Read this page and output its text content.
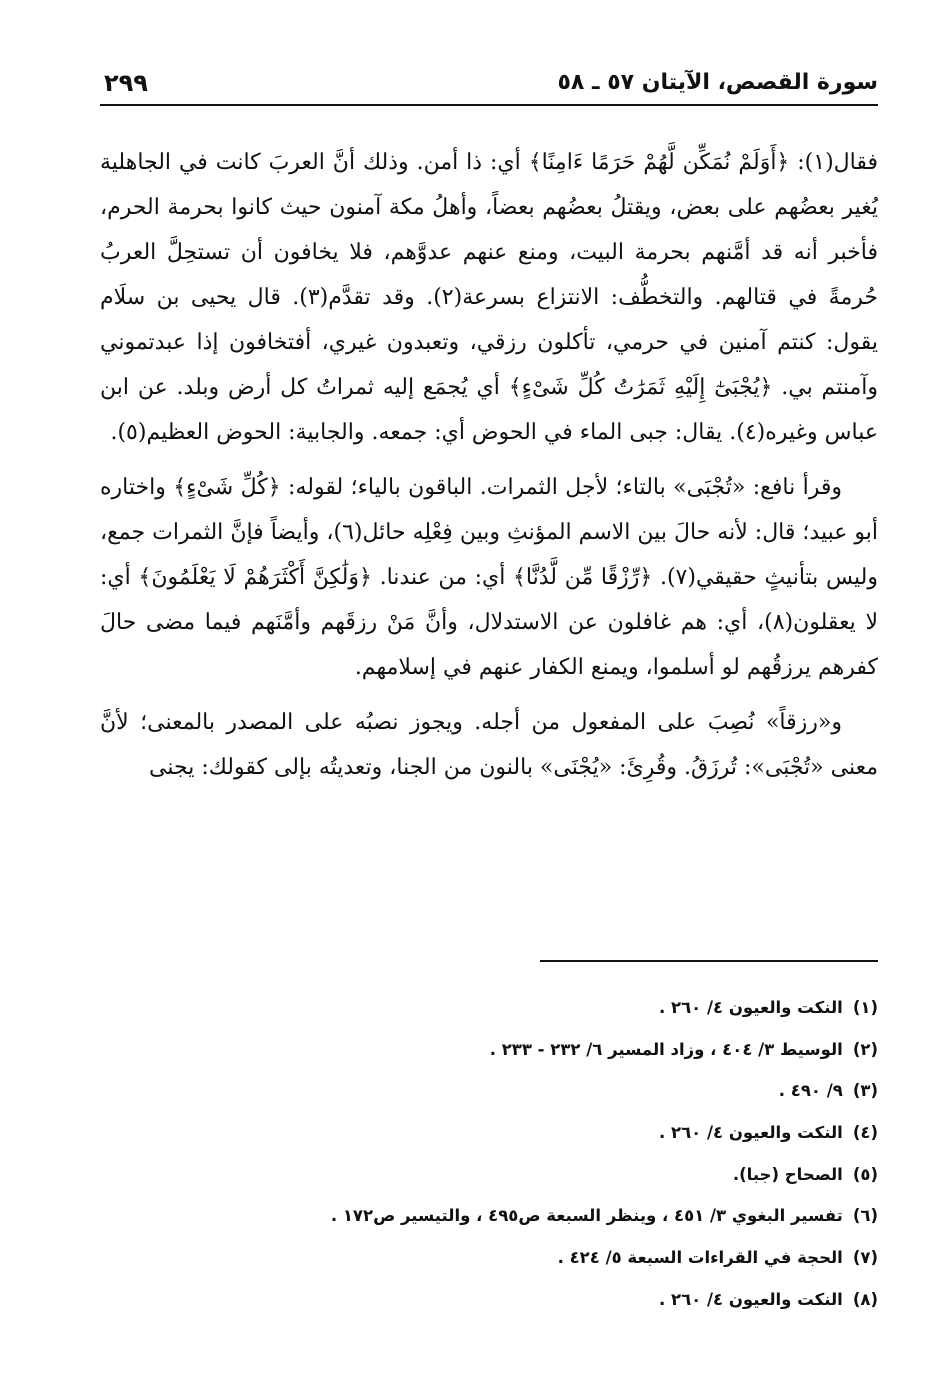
سورة القصص، الآيتان ٥٧ ـ ٥٨
٢٩٩

فقال(١): ﴿أَوَلَمْ نُمَكِّن لَّهُمْ حَرَمًا ءَامِنًا﴾ أي: ذا أمن. وذلك أنَّ العربَ كانت في الجاهلية يُغير بعضُهم على بعض، ويقتلُ بعضُهم بعضاً، وأهلُ مكة آمنون حيث كانوا بحرمة الحرم، فأخبر أنه قد أمَّنهم بحرمة البيت، ومنع عنهم عدوَّهم، فلا يخافون أن تستحِلَّ العربُ حُرمةً في قتالهم. والتخطُّف: الانتزاع بسرعة(٢). وقد تقدَّم(٣). قال يحيى بن سلَام يقول: كنتم آمنين في حرمي، تأكلون رزقي، وتعبدون غيري، أفتخافون إذا عبدتموني وآمنتم بي. ﴿يُجْبَىٰٓ إِلَيْهِ ثَمَرَٰتُ كُلِّ شَىْءٍ﴾ أي يُجمَع إليه ثمراتُ كل أرض وبلد. عن ابن عباس وغيره(٤). يقال: جبى الماء في الحوض أي: جمعه. والجابية: الحوض العظيم(٥).

وقرأ نافع: «تُجْبَى» بالتاء؛ لأجل الثمرات. الباقون بالياء؛ لقوله: ﴿كُلِّ شَىْءٍ﴾ واختاره أبو عبيد؛ قال: لأنه حالَ بين الاسم المؤنثِ وبين فِعْلِه حائل(٦)، وأيضاً فإنَّ الثمرات جمع، وليس بتأنيثٍ حقيقي(٧). ﴿رِّزْقًا مِّن لَّدُنَّا﴾ أي: من عندنا. ﴿وَلَٰكِنَّ أَكْثَرَهُمْ لَا يَعْلَمُونَ﴾ أي: لا يعقلون(٨)، أي: هم غافلون عن الاستدلال، وأنَّ مَنْ رزقَهم وأمَّنَهم فيما مضى حالَ كفرهم يرزقُهم لو أسلموا، ويمنع الكفار عنهم في إسلامهم.

و«رزقاً» نُصِبَ على المفعول من أجله. ويجوز نصبُه على المصدر بالمعنى؛ لأنَّ معنى «تُجْبَى»: تُرزَقُ. وقُرِئَ: «يُجْنَى» بالنون من الجنا، وتعديتُه بإلى كقولك: يجنى

(١)النكت والعيون ٤/ ٢٦٠ .
(٢)الوسيط ٣/ ٤٠٤ ، وزاد المسير ٦/ ٢٣٢ - ٢٣٣ .
(٣)٩/ ٤٩٠ .
(٤)النكت والعيون ٤/ ٢٦٠ .
(٥)الصحاح (جبا).
(٦)تفسير البغوي ٣/ ٤٥١ ، وينظر السبعة ص٤٩٥ ، والتيسير ص١٧٢ .
(٧)الحجة في القراءات السبعة ٥/ ٤٢٤ .
(٨)النكت والعيون ٤/ ٢٦٠ .
